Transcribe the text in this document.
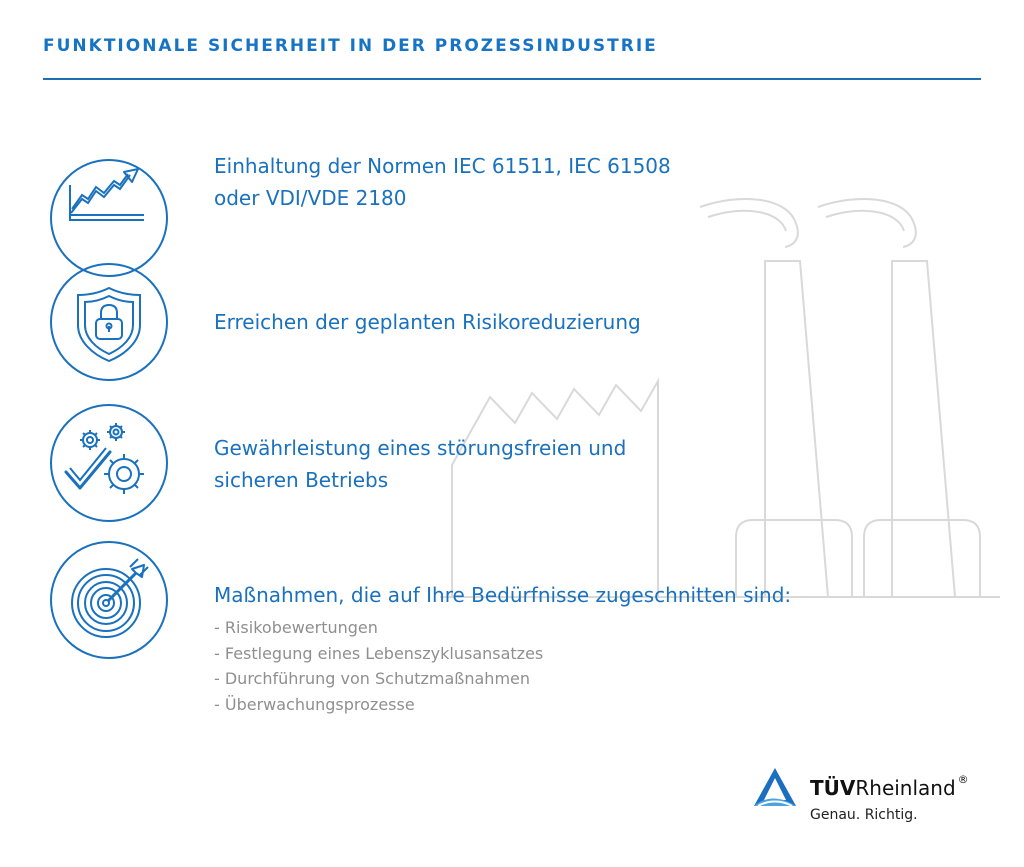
FUNKTIONALE SICHERHEIT IN DER PROZESSINDUSTRIE
Einhaltung der Normen IEC 61511, IEC 61508
oder VDI/VDE 2180
Erreichen der geplanten Risikoreduzierung
Gewährleistung eines störungsfreien und
sicheren Betriebs
Maßnahmen, die auf Ihre Bedürfnisse zugeschnitten sind:
- Risikobewertungen
- Festlegung eines Lebenszyklusansatzes
- Durchführung von Schutzmaßnahmen
- Überwachungsprozesse
TÜVRheinland ®
Genau. Richtig.
